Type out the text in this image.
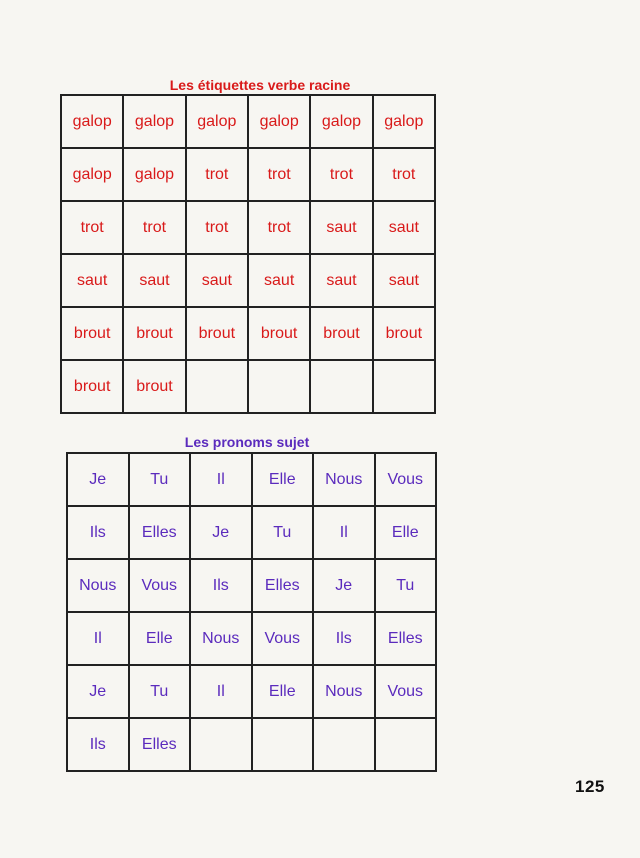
Les étiquettes verbe racine
galop	galop	galop	galop	galop	galop
galop	galop	trot	trot	trot	trot
trot	trot	trot	trot	saut	saut
saut	saut	saut	saut	saut	saut
brout	brout	brout	brout	brout	brout
brout	brout				
Les pronoms sujet
Je	Tu	Il	Elle	Nous	Vous
Ils	Elles	Je	Tu	Il	Elle
Nous	Vous	Ils	Elles	Je	Tu
Il	Elle	Nous	Vous	Ils	Elles
Je	Tu	Il	Elle	Nous	Vous
Ils	Elles				
125
